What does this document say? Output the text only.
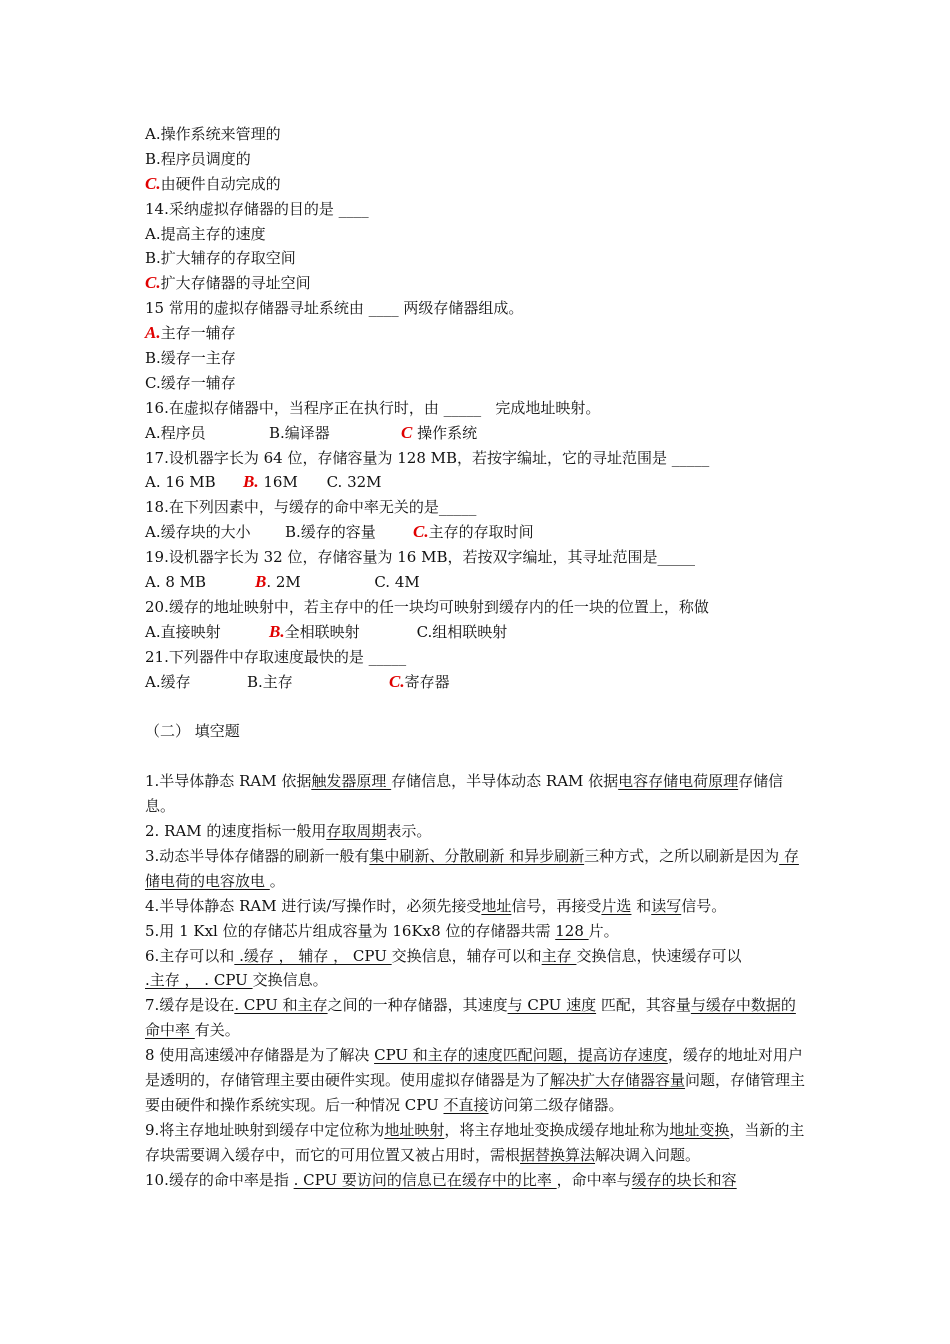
A.操作系统来管理的
B.程序员调度的
C.由硬件自动完成的
14.采纳虚拟存储器的目的是 ____
A.提高主存的速度
B.扩大辅存的存取空间
C.扩大存储器的寻址空间
15 常用的虚拟存储器寻址系统由 ____ 两级存储器组成。
A.主存一辅存
B.缓存一主存
C.缓存一辅存
16.在虚拟存储器中，当程序正在执行时，由 _____   完成地址映射。
A.程序员	B.编译器	C 操作系统
17.设机器字长为 64 位，存储容量为 128 MB，若按字编址，它的寻址范围是 _____
A. 16 MB B. 16M C. 32M
18.在下列因素中，与缓存的命中率无关的是_____
A.缓存块的大小 B.缓存的容量 C.主存的存取时间
19.设机器字长为 32 位，存储容量为 16 MB，若按双字编址，其寻址范围是_____
A. 8 MB	B. 2M	C. 4M
20.缓存的地址映射中，若主存中的任一块均可映射到缓存内的任一块的位置上，称做
A.直接映射	B.全相联映射	C.组相联映射
21.下列器件中存取速度最快的是 _____
A.缓存	B.主存	C.寄存器
（二） 填空题
1.半导体静态 RAM 依据触发器原理 存储信息，半导体动态 RAM 依据电容存储电荷原理存储信息。
2. RAM 的速度指标一般用存取周期表示。
3.动态半导体存储器的刷新一般有集中刷新、分散刷新 和异步刷新三种方式，之所以刷新是因为 存储电荷的电容放电 。
4.半导体静态 RAM 进行读/写操作时，必须先接受地址信号，再接受片选 和读写信号。
5.用 1 Kxl 位的存储芯片组成容量为 16Kx8 位的存储器共需 128 片。
6.主存可以和 .缓存 ， 辅存 ， CPU 交换信息，辅存可以和主存 交换信息，快速缓存可以
.主存 ， . CPU 交换信息。
7.缓存是设在. CPU 和主存之间的一种存储器，其速度与 CPU 速度 匹配，其容量与缓存中数据的命中率 有关。
8 使用高速缓冲存储器是为了解决 CPU 和主存的速度匹配问题，提高访存速度，缓存的地址对用户是透明的，存储管理主要由硬件实现。使用虚拟存储器是为了解决扩大存储器容量问题，存储管理主要由硬件和操作系统实现。后一种情况 CPU 不直接访问第二级存储器。
9.将主存地址映射到缓存中定位称为地址映射，将主存地址变换成缓存地址称为地址变换，当新的主存块需要调入缓存中，而它的可用位置又被占用时，需根据替换算法解决调入问题。
10.缓存的命中率是指 . CPU 要访问的信息已在缓存中的比率 ，命中率与缓存的块长和容
